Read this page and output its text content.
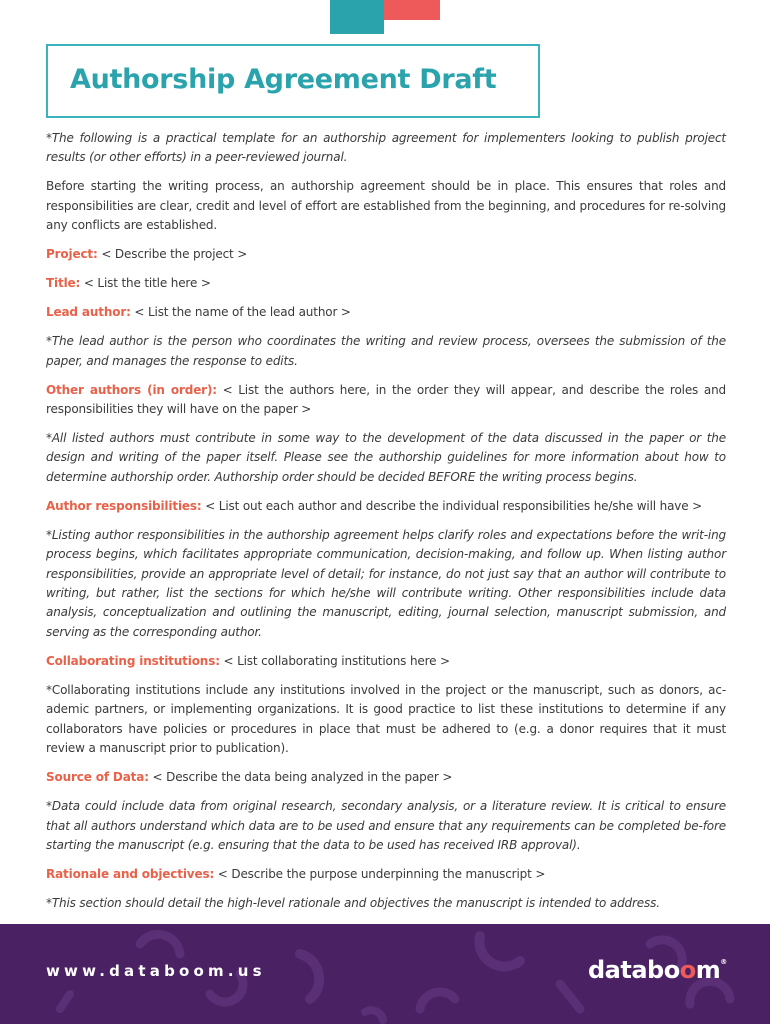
Authorship Agreement Draft

*The following is a practical template for an authorship agreement for implementers looking to publish project results (or other efforts) in a peer-reviewed journal.

Before starting the writing process, an authorship agreement should be in place. This ensures that roles and responsibilities are clear, credit and level of effort are established from the beginning, and procedures for re-solving any conflicts are established.

Project: < Describe the project >

Title: < List the title here >

Lead author: < List the name of the lead author >

*The lead author is the person who coordinates the writing and review process, oversees the submission of the paper, and manages the response to edits.

Other authors (in order): < List the authors here, in the order they will appear, and describe the roles and responsibilities they will have on the paper >

*All listed authors must contribute in some way to the development of the data discussed in the paper or the design and writing of the paper itself. Please see the authorship guidelines for more information about how to determine authorship order. Authorship order should be decided BEFORE the writing process begins.

Author responsibilities: < List out each author and describe the individual responsibilities he/she will have >

*Listing author responsibilities in the authorship agreement helps clarify roles and expectations before the writ-ing process begins, which facilitates appropriate communication, decision-making, and follow up. When listing author responsibilities, provide an appropriate level of detail; for instance, do not just say that an author will contribute to writing, but rather, list the sections for which he/she will contribute writing. Other responsibilities include data analysis, conceptualization and outlining the manuscript, editing, journal selection, manuscript submission, and serving as the corresponding author.

Collaborating institutions: < List collaborating institutions here >

*Collaborating institutions include any institutions involved in the project or the manuscript, such as donors, ac-ademic partners, or implementing organizations. It is good practice to list these institutions to determine if any collaborators have policies or procedures in place that must be adhered to (e.g. a donor requires that it must review a manuscript prior to publication).

Source of Data: < Describe the data being analyzed in the paper >

*Data could include data from original research, secondary analysis, or a literature review. It is critical to ensure that all authors understand which data are to be used and ensure that any requirements can be completed be-fore starting the manuscript (e.g. ensuring that the data to be used has received IRB approval).

Rationale and objectives: < Describe the purpose underpinning the manuscript >

*This section should detail the high-level rationale and objectives the manuscript is intended to address.

www.databoom.us	databoom®
